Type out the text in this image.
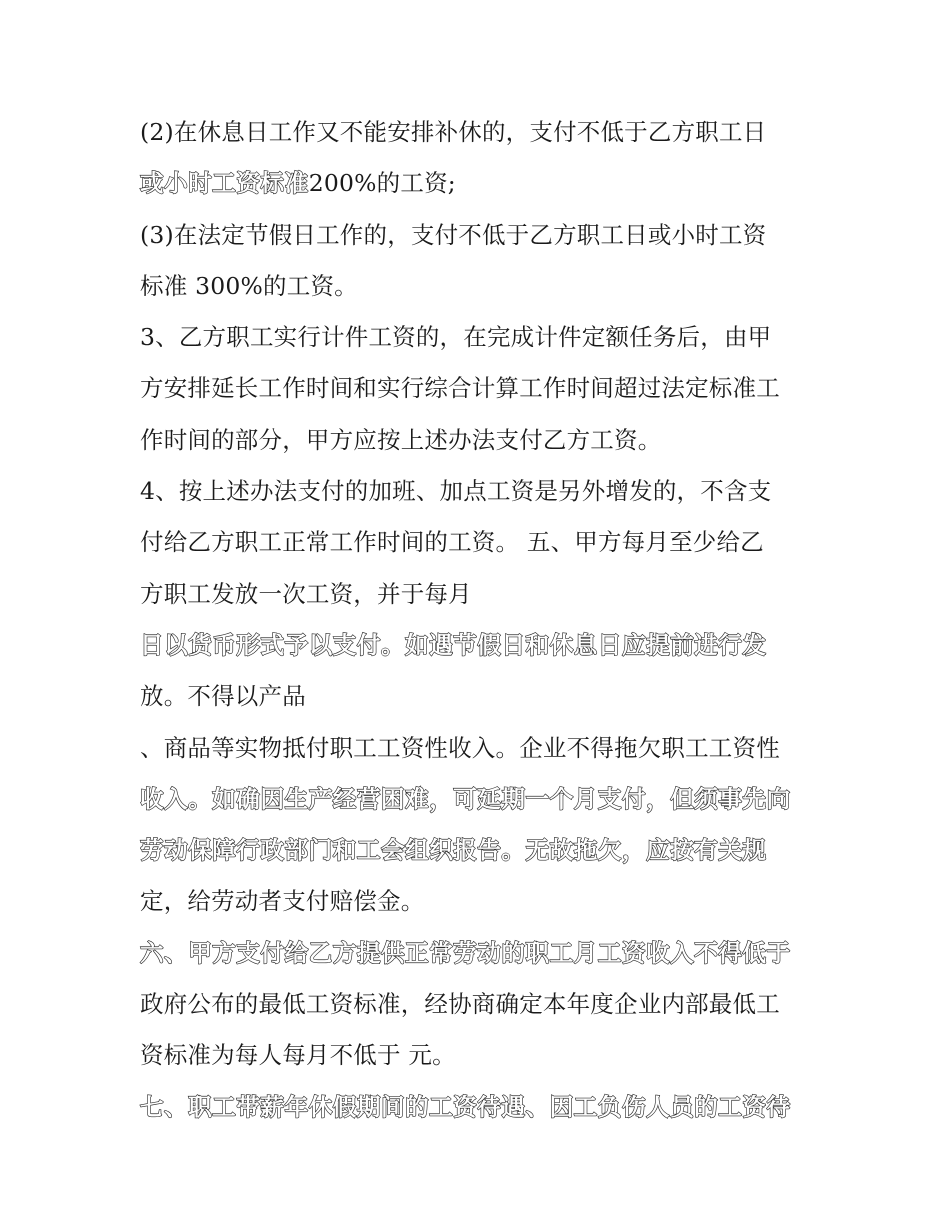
(2)在休息日工作又不能安排补休的，支付不低于乙方职工日
或小时工资标准200%的工资;
(3)在法定节假日工作的，支付不低于乙方职工日或小时工资
标准 300%的工资。
3、乙方职工实行计件工资的，在完成计件定额任务后，由甲
方安排延长工作时间和实行综合计算工作时间超过法定标准工
作时间的部分，甲方应按上述办法支付乙方工资。
4、按上述办法支付的加班、加点工资是另外增发的，不含支
付给乙方职工正常工作时间的工资。 五、甲方每月至少给乙
方职工发放一次工资，并于每月
日以货币形式予以支付。如遇节假日和休息日应提前进行发
放。不得以产品
、商品等实物抵付职工工资性收入。企业不得拖欠职工工资性
收入。如确因生产经营困难，可延期一个月支付，但须事先向
劳动保障行政部门和工会组织报告。无故拖欠，应按有关规
定，给劳动者支付赔偿金。
六、甲方支付给乙方提供正常劳动的职工月工资收入不得低于
政府公布的最低工资标准，经协商确定本年度企业内部最低工
资标准为每人每月不低于 元。
七、职工带薪年休假期间的工资待遇、因工负伤人员的工资待
